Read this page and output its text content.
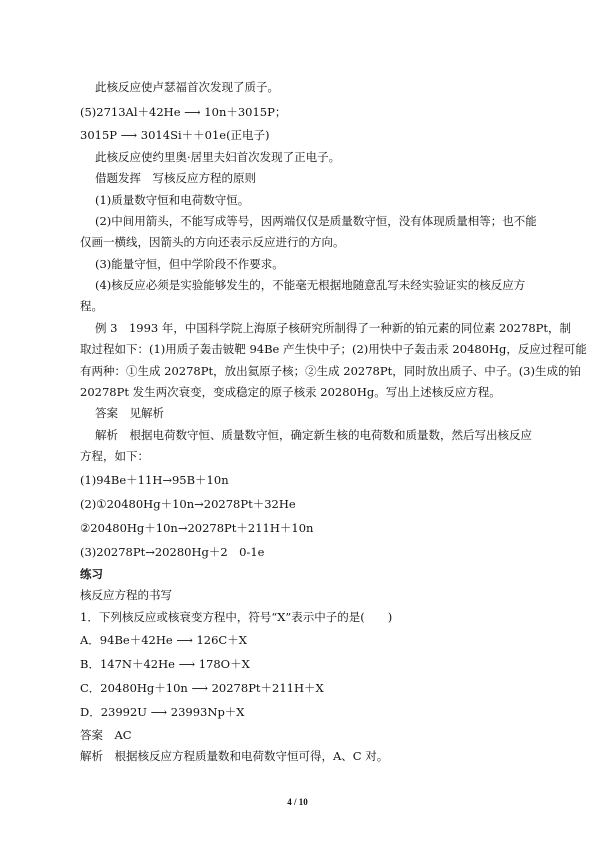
此核反应使卢瑟福首次发现了质子。
(5)2713Al＋42He ⟶ 10n＋3015P；
3015P ⟶ 3014Si＋＋01e(正电子)
此核反应使约里奥·居里夫妇首次发现了正电子。
借题发挥　写核反应方程的原则
(1)质量数守恒和电荷数守恒。
(2)中间用箭头，不能写成等号，因两端仅仅是质量数守恒，没有体现质量相等；也不能
仅画一横线，因箭头的方向还表示反应进行的方向。
(3)能量守恒，但中学阶段不作要求。
(4)核反应必须是实验能够发生的，不能毫无根据地随意乱写未经实验证实的核反应方
程。
例 3　1993 年，中国科学院上海原子核研究所制得了一种新的铂元素的同位素 20278Pt，制
取过程如下：(1)用质子轰击铍靶 94Be 产生快中子；(2)用快中子轰击汞 20480Hg，反应过程可能
有两种：①生成 20278Pt，放出氦原子核；②生成 20278Pt，同时放出质子、中子。(3)生成的铂
20278Pt 发生两次衰变，变成稳定的原子核汞 20280Hg。写出上述核反应方程。
答案　见解析
解析　根据电荷数守恒、质量数守恒，确定新生核的电荷数和质量数，然后写出核反应
方程，如下：
(1)94Be＋11H→95B＋10n
(2)①20480Hg＋10n→20278Pt＋32He
②20480Hg＋10n→20278Pt＋211H＋10n
(3)20278Pt→20280Hg＋2　0-1e
练习
核反应方程的书写
1．下列核反应或核衰变方程中，符号“X”表示中子的是(　　)
A．94Be＋42He ⟶ 126C＋X
B．147N＋42He ⟶ 178O＋X
C．20480Hg＋10n ⟶ 20278Pt＋211H＋X
D．23992U ⟶ 23993Np＋X
答案　AC
解析　根据核反应方程质量数和电荷数守恒可得，A、C 对。
4 / 10
